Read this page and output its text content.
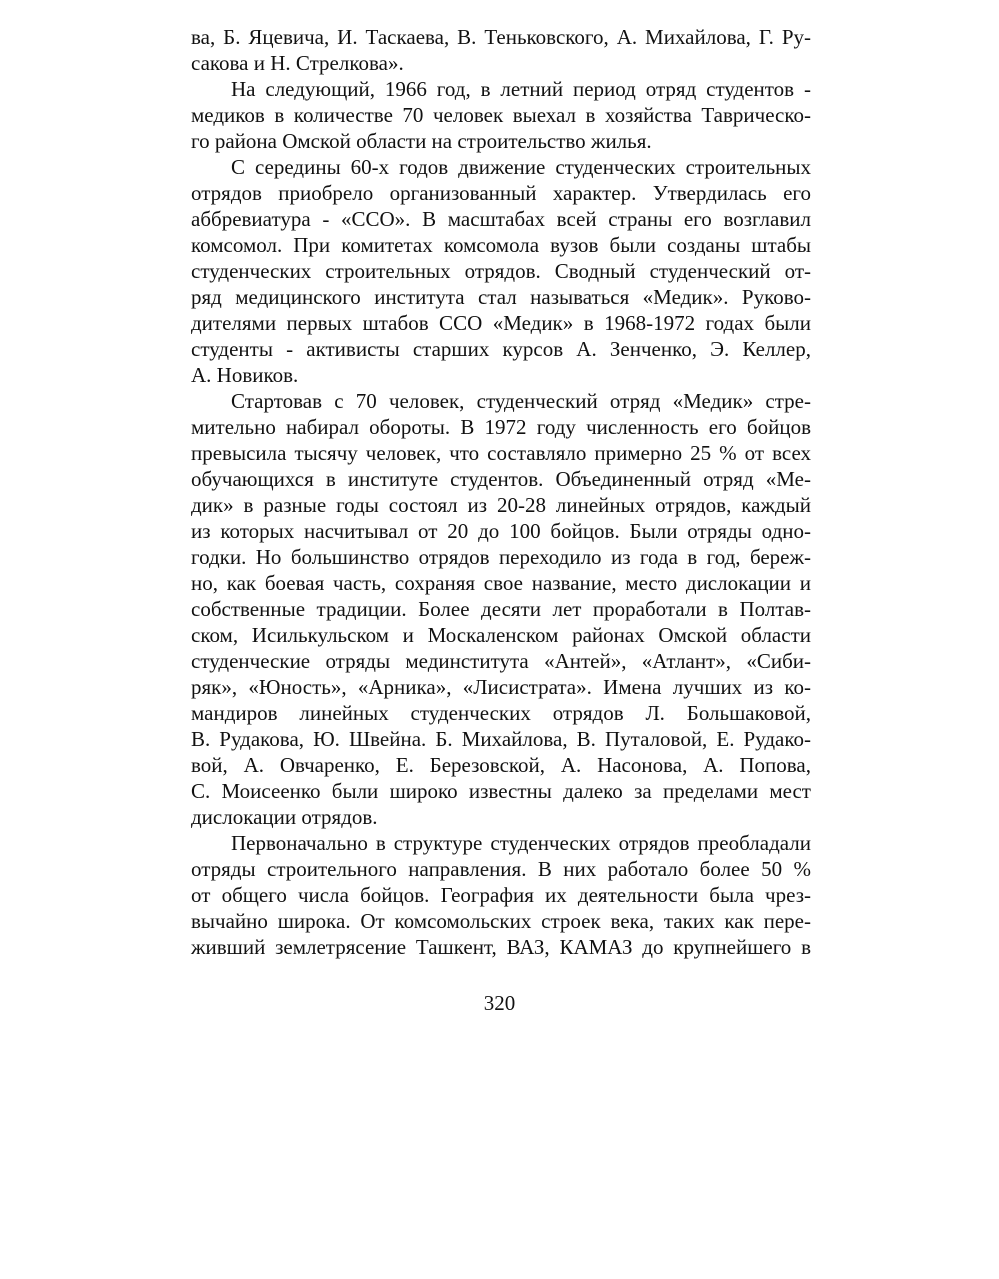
ва, Б. Яцевича, И. Таскаева, В. Теньковского, А. Михайлова, Г. Ру-
сакова и Н. Стрелкова».
На следующий, 1966 год, в летний период отряд студентов -
медиков в количестве 70 человек выехал в хозяйства Таврическо-
го района Омской области на строительство жилья.
С середины 60-х годов движение студенческих строительных
отрядов приобрело организованный характер. Утвердилась его
аббревиатура - «ССО». В масштабах всей страны его возглавил
комсомол. При комитетах комсомола вузов были созданы штабы
студенческих строительных отрядов. Сводный студенческий от-
ряд медицинского института стал называться «Медик». Руково-
дителями первых штабов ССО «Медик» в 1968-1972 годах были
студенты - активисты старших курсов А. Зенченко, Э. Келлер,
А. Новиков.
Стартовав с 70 человек, студенческий отряд «Медик» стре-
мительно набирал обороты. В 1972 году численность его бойцов
превысила тысячу человек, что составляло примерно 25 % от всех
обучающихся в институте студентов. Объединенный отряд «Ме-
дик» в разные годы состоял из 20-28 линейных отрядов, каждый
из которых насчитывал от 20 до 100 бойцов. Были отряды одно-
годки. Но большинство отрядов переходило из года в год, береж-
но, как боевая часть, сохраняя свое название, место дислокации и
собственные традиции. Более десяти лет проработали в Полтав-
ском, Исилькульском и Москаленском районах Омской области
студенческие отряды мединститута «Антей», «Атлант», «Сиби-
ряк», «Юность», «Арника», «Лисистрата». Имена лучших из ко-
мандиров линейных студенческих отрядов Л. Большаковой,
В. Рудакова, Ю. Швейна. Б. Михайлова, В. Путаловой, Е. Рудако-
вой, А. Овчаренко, Е. Березовской, А. Насонова, А. Попова,
С. Моисеенко были широко известны далеко за пределами мест
дислокации отрядов.
Первоначально в структуре студенческих отрядов преобладали
отряды строительного направления. В них работало более 50 %
от общего числа бойцов. География их деятельности была чрез-
вычайно широка. От комсомольских строек века, таких как пере-
живший землетрясение Ташкент, ВАЗ, КАМАЗ до крупнейшего в
320
